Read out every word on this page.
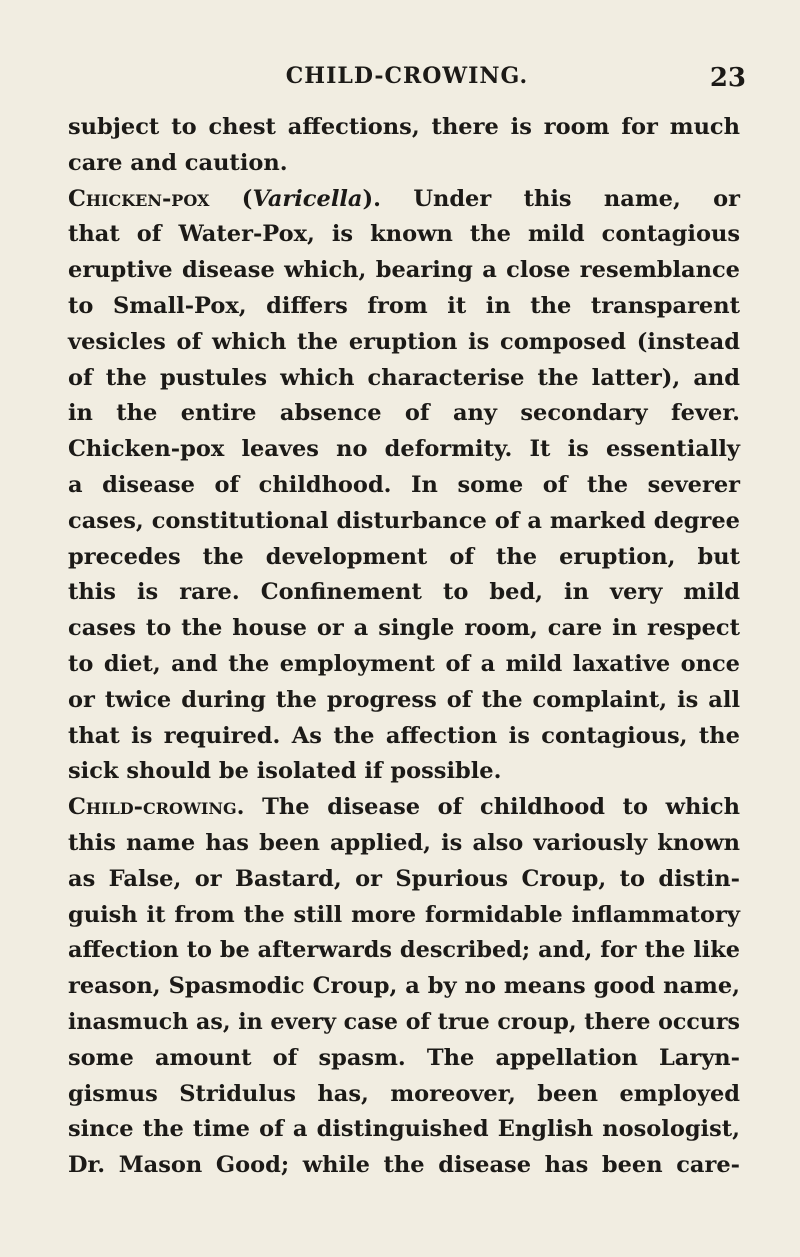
CHILD-CROWING.	23
subject to chest affections, there is room for much
care and caution.
Chicken-pox (Varicella). Under this name, or
that of Water-Pox, is known the mild contagious
eruptive disease which, bearing a close resemblance
to Small-Pox, differs from it in the transparent
vesicles of which the eruption is composed (instead
of the pustules which characterise the latter), and
in the entire absence of any secondary fever.
Chicken-pox leaves no deformity. It is essentially
a disease of childhood. In some of the severer
cases, constitutional disturbance of a marked degree
precedes the development of the eruption, but
this is rare. Confinement to bed, in very mild
cases to the house or a single room, care in respect
to diet, and the employment of a mild laxative once
or twice during the progress of the complaint, is all
that is required. As the affection is contagious, the
sick should be isolated if possible.
Child-crowing. The disease of childhood to which
this name has been applied, is also variously known
as False, or Bastard, or Spurious Croup, to distin-
guish it from the still more formidable inflammatory
affection to be afterwards described; and, for the like
reason, Spasmodic Croup, a by no means good name,
inasmuch as, in every case of true croup, there occurs
some amount of spasm. The appellation Laryn-
gismus Stridulus has, moreover, been employed
since the time of a distinguished English nosologist,
Dr. Mason Good; while the disease has been care-
